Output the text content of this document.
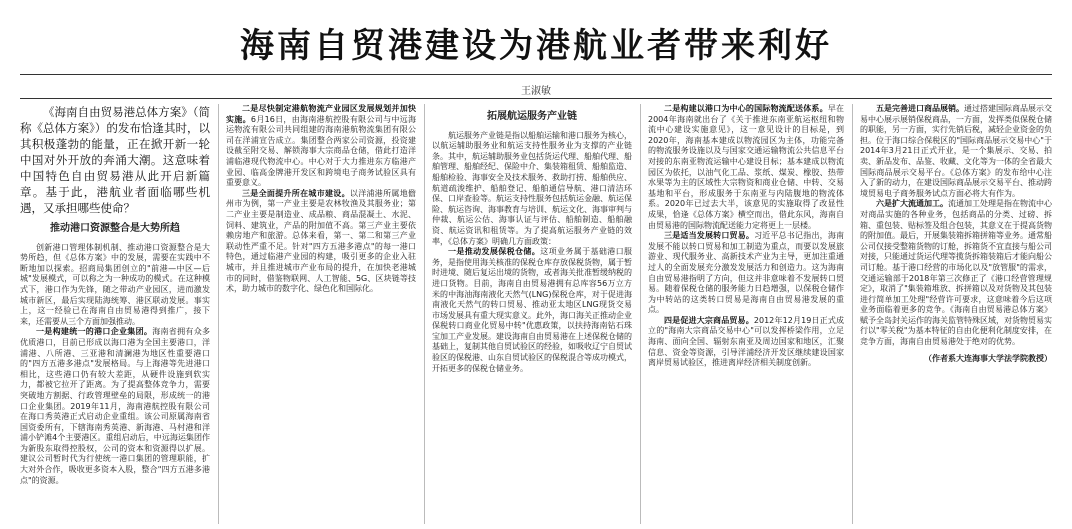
海南自贸港建设为港航业者带来利好
王淑敏

《海南自由贸易港总体方案》（简称《总体方案》）的发布恰逢其时，以其积极蓬勃的能量，正在掀开新一轮中国对外开放的奔涌大潮。这意味着中国特色自由贸易港从此开启新篇章。基于此，港航业者面临哪些机遇，又承担哪些使命？

推动港口资源整合是大势所趋

创新港口管理体制机制、推动港口资源整合是大势所趋，但《总体方案》中的发展，需要在实践中不断地加以探索。招商局集团创立的"前港—中区—后城"发展模式，可以称之为一种成功的模式。在这种模式下，港口作为先锋，随之带动产业园区，进而激发城市新区，最后实现陆海统筹、港区联动发展。事实上，这一经验已在海南自由贸易港得到推广，接下来，还需要从三个方面加强推动。

一是构建统一的港口企业集团。海南省拥有众多优质港口，目前已形成以海口港为全国主要港口，洋浦港、八所港、三亚港和清澜港为地区性重要港口的"四方五港多港点"发展格局。与上海港等先进港口相比，这些港口仍有较大差距，从硬件设施到软实力，都被它拉开了距离。为了提高整体竞争力，需要突破地方割据、行政管理壁垒的局限，形成统一的港口企业集团。2019年11月，海南港航控股有限公司在海口秀英港正式启动企业重组。该公司原属海南省国资委所有，下辖海南秀英港、新海港、马村港和洋浦小铲滩4个主要港区。重组启动后，中远海运集团作为新股东取得控股权，公司的资本和资源得以扩展。建议公司暂时代为行使统一港口集团的管理职能，扩大对外合作，吸收更多资本入股，整合"四方五港多港点"的资源。

二是尽快制定港航物流产业园区发展规划并加快实施。6月16日，由海南港航控股有限公司与中远海运物流有限公司共同组建的海南港航物流集团有限公司在洋浦宣告成立。集团整合两家公司资源，投资建设截至附交易、解锁海事大宗商品仓储，借此打造洋浦临港现代物流中心。中心对于大力推进东方临港产业园、临高金牌港开发区和跨境电子商务试验区具有重要意义。

三是全面提升所在城市建设。以洋浦港所属地儋州市为例，第一产业主要是农林牧渔及其服务业；第二产业主要是制造业、成品粮、商品混凝土、水泥、饲料、建筑业，产品的附加值不高。第三产业主要依赖房地产和旅游。总体来看，第一、第二和第三产业联动性严重不足。针对"四方五港多港点"的每一港口特色，通过临港产业园的构建，吸引更多的企业入驻城市，并且推进城市产业布局的提升，在加快老港城市的同时，借鉴物联网、人工智能、5G、区块链等技术，助力城市的数字化、绿色化和国际化。

拓展航运服务产业链

航运服务产业链是指以船舶运输和港口服务为核心，以航运辅助服务业和航运支持性服务业为支撑的产业链条。其中，航运辅助服务业包括货运代理、船舶代理、船舶管理、船舶经纪、保险中介、集装箱租赁、船舶监造、船舶检验、海事安全及技术服务、救助打捞、船舶供应、航道疏浚维护、船舶登记、船舶通信导航、港口清洁环保、口岸查验等。航运支持性服务包括航运金融、航运保险、航运咨询、海事教育与培训、航运文化、海事审判与仲裁、航运公估、海事认证与评估、船舶制造、船舶融资、航运资讯和租赁等。为了提高航运服务产业链的效率，《总体方案》明确几方面政策：

一是推动发展保税仓储。这项业务属于基础港口服务，是指使用海关核准的保税仓库存放保税货物，属于暂时进境、随后复运出境的货物，或者海关批准暂缓纳税的进口货物。目前，海南自由贸易港拥有总库容56万立方米的中海油海南液化天然气(LNG)保税仓库，对于促进海南液化天然气的转口贸易、推动亚太地区LNG现货交易市场发展具有重大现实意义。此外，海口海关正推动企业保税转口商业化贸易中转"优惠政策，以扶持海南钻石珠宝加工产业发展。建设海南自由贸易港在上述保税仓储的基础上，复制其他自贸试验区的经验，如吸收辽宁自贸试验区的保税港、山东自贸试验区的保税混合等成功模式，开拓更多的保税仓储业务。

二是构建以港口为中心的国际物流配送体系。早在2004年海南就出台了《关于推进东南亚航运枢纽和物流中心建设实施意见》，这一意见设计的目标是，到2020年，海南基本建成以物流园区为主体，功能完备的物流服务设施以及与国家交通运输物流公共信息平台对接的东南亚物流运输中心建设目标；基本建成以物流园区为依托，以油气化工品、浆纸、煤炭、橡胶、热带水果等为主的区域性大宗物资和商业仓储、中转、交易基地和平台，形成服务于东南亚与内陆腹地的物流体系。2020年已过去大半，该意见的实施取得了改显性成果，恰逢《总体方案》横空而出，借此东风，海南自由贸易港的国际物流配送能力定将更上一层楼。

三是适当发展转口贸易。习近平总书记指出，海南发展不能以转口贸易和加工制造为重点，而要以发展旅游业、现代服务业、高新技术产业为主导，更加注重通过人的全面发展充分激发发展活力和创造力。这为海南自由贸易港指明了方向，但这并非意味着不发展转口贸易。随着保税仓储的服务能力日趋增强，以保税仓储作为中转站的这类转口贸易是海南自由贸易港发展的重点。

四是促进大宗商品贸易。2012年12月19日正式成立的"海南大宗商品交易中心"可以发挥桥梁作用，立足海南、面向全国、辐射东南亚及周边国家和地区，汇聚信息、资金等资源，引导洋浦经济开发区继续建设国家离岸贸易试验区，推进离岸经济相关制度创新。

五是完善进口商品展销。通过搭建国际商品展示交易中心展示展销保税商品，一方面，发挥类似保税仓储的职能，另一方面，实行先销后税，减轻企业资金的负担。位于海口综合保税区的"国际商品展示交易中心"于2014年3月21日正式开业，是一个集展示、交易、拍卖、新品发布、品鉴、收藏、文化等为一体的全省最大国际商品展示交易平台。《总体方案》的发布给中心注入了新的动力，在建设国际商品展示交易平台、推动跨境贸易电子商务服务试点方面必将大有作为。

六是扩大流通加工。流通加工处理是指在物流中心对商品实施的各种业务，包括商品的分类、过磅、拆箱、重包装、贴标签及组合包装，其意义在于提高货物的附加值。最后，开展集装箱拆箱拼箱等业务。通常船公司仅接受整箱货物的订舱，拆箱货不宜直接与船公司对接，只能通过货运代理等揽货拆箱装箱后才能向船公司订舱。基于港口经营的市场化以及"放管服"的需求，交通运输部于2018年第三次修正了《港口经营管理规定》，取消了"集装箱堆放、拆拼箱以及对货物及其包装进行简单加工处理"经营许可要求，这意味着今后这项业务面临着更多的竞争。《海南自由贸易港总体方案》赋予全岛封关运作的海关监管特殊区域，对货物贸易实行以"零关税"为基本特征的自由化便利化制度安排，在竞争方面，海南自由贸易港处于绝对的优势。

（作者系大连海事大学法学院教授）
